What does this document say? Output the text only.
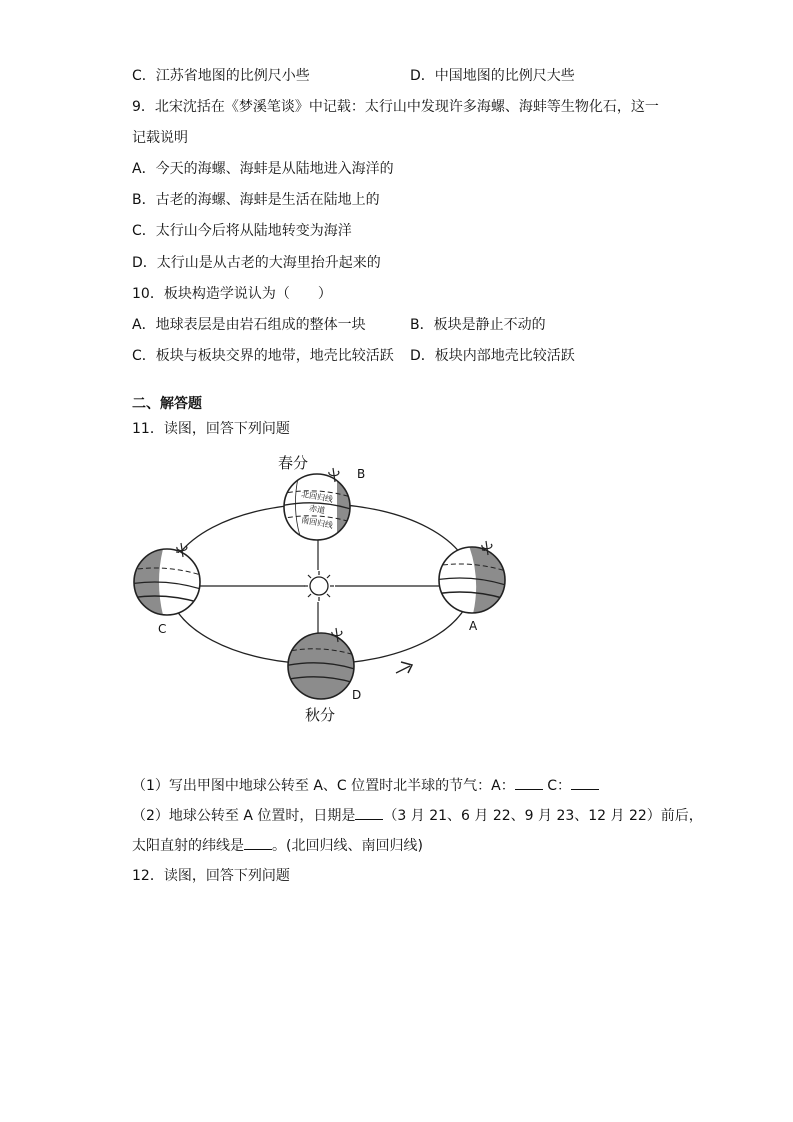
C．江苏省地图的比例尺小些	D．中国地图的比例尺大些
9．北宋沈括在《梦溪笔谈》中记载：太行山中发现许多海螺、海蚌等生物化石，这一
记载说明
A．今天的海螺、海蚌是从陆地进入海洋的
B．古老的海螺、海蚌是生活在陆地上的
C．太行山今后将从陆地转变为海洋
D．太行山是从古老的大海里抬升起来的
10．板块构造学说认为（　　）
A．地球表层是由岩石组成的整体一块	B．板块是静止不动的
C．板块与板块交界的地带，地壳比较活跃 D．板块内部地壳比较活跃
二、解答题
11．读图，回答下列问题
北回归线
赤道
南回归线
春分
B
A
C
D
秋分
（1）写出甲图中地球公转至 A、C 位置时北半球的节气：A： C：
（2）地球公转至 A 位置时，日期是 （3 月 21、6 月 22、9 月 23、12 月 22）前后，
太阳直射的纬线是 。(北回归线、南回归线)
12．读图，回答下列问题
